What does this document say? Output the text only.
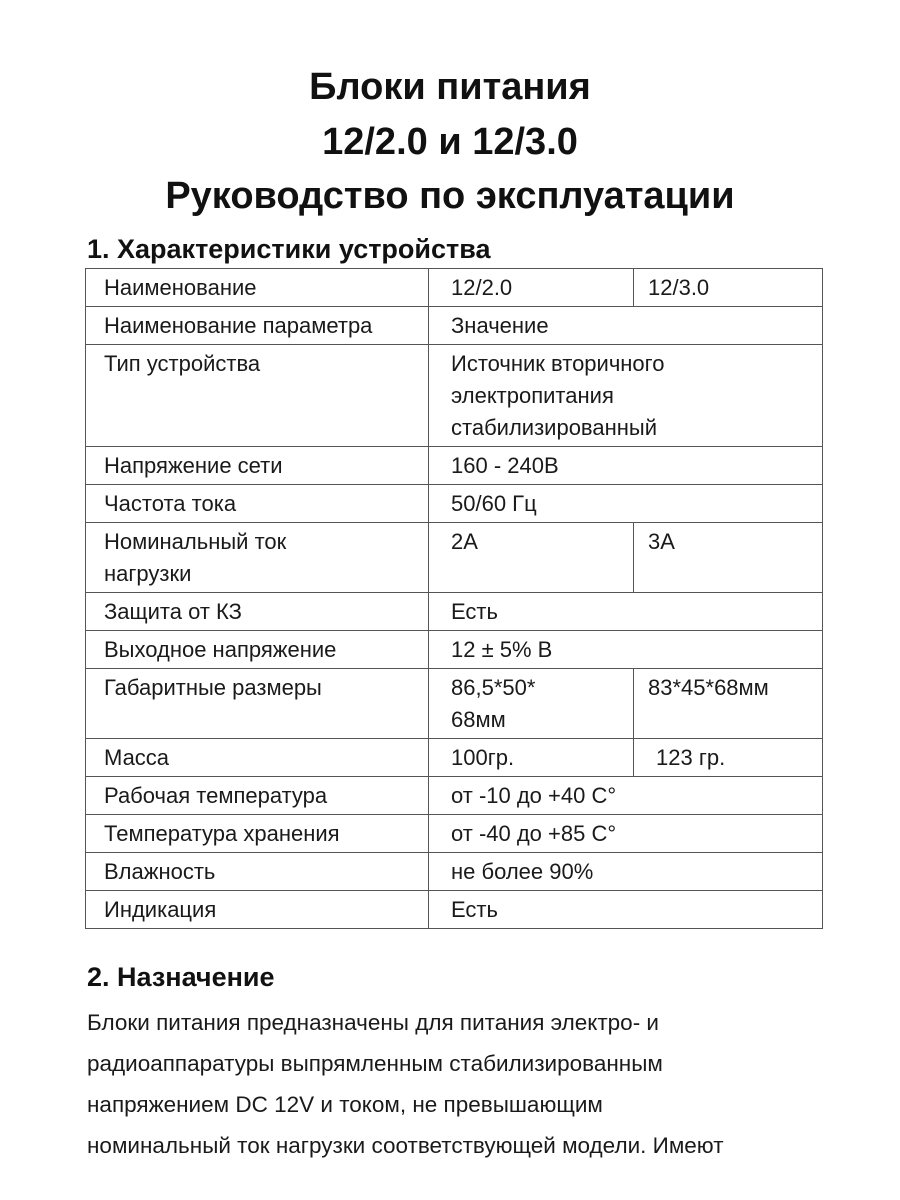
Блоки питания
12/2.0 и 12/3.0
Руководство по эксплуатации
1. Характеристики устройства
Наименование	12/2.0	12/3.0
Наименование параметра	Значение	
Тип устройства	Источник вторичного электропитания стабилизированный	

Напряжение сети	160 - 240В	
Частота тока	50/60 Гц	

Номинальный ток нагрузки	2А	3А
Защита от КЗ	Есть	
Выходное напряжение	12 ± 5% В	
Габаритные размеры	86,5*50* 68мм	83*45*68мм
Масса	100гр.	123 гр.
Рабочая температура	от -10 до +40 С°	
Температура хранения	от -40 до +85 С°	
Влажность	не более 90%	
Индикация	Есть	
2. Назначение
Блоки питания предназначены для питания электро- и
радиоаппаратуры выпрямленным стабилизированным
напряжением DC 12V и током, не превышающим
номинальный ток нагрузки соответствующей модели. Имеют
